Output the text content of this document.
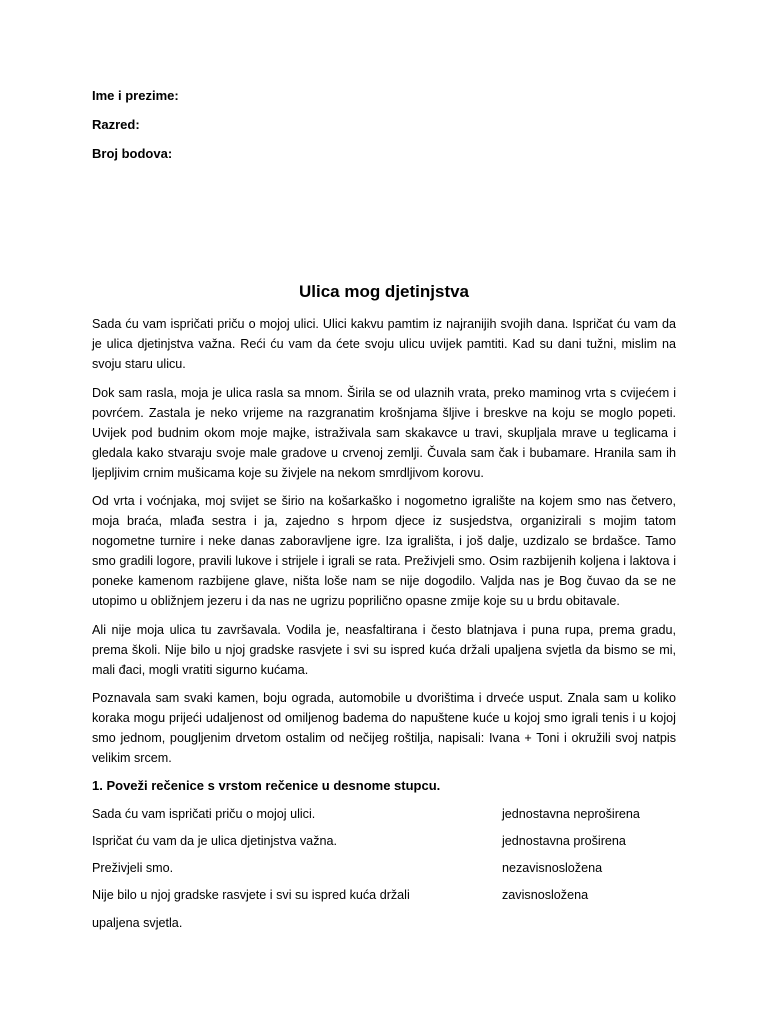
Ime i prezime:

Razred:

Broj bodova:

Ulica mog djetinjstva

Sada ću vam ispričati priču o mojoj ulici. Ulici kakvu pamtim iz najranijih svojih dana. Ispričat ću vam da je ulica djetinjstva važna. Reći ću vam da ćete svoju ulicu uvijek pamtiti. Kad su dani tužni, mislim na svoju staru ulicu.

Dok sam rasla, moja je ulica rasla sa mnom. Širila se od ulaznih vrata, preko maminog vrta s cvijećem i povrćem. Zastala je neko vrijeme na razgranatim krošnjama šljive i breskve na koju se moglo popeti. Uvijek pod budnim okom moje majke, istraživala sam skakavce u travi, skupljala mrave u teglicama i gledala kako stvaraju svoje male gradove u crvenoj zemlji. Čuvala sam čak i bubamare. Hranila sam ih ljepljivim crnim mušicama koje su živjele na nekom smrdljivom korovu.

Od vrta i voćnjaka, moj svijet se širio na košarkaško i nogometno igralište na kojem smo nas četvero, moja braća, mlađa sestra i ja, zajedno s hrpom djece iz susjedstva, organizirali s mojim tatom nogometne turnire i neke danas zaboravljene igre. Iza igrališta, i još dalje, uzdizalo se brdašce. Tamo smo gradili logore, pravili lukove i strijele i igrali se rata. Preživjeli smo. Osim razbijenih koljena i laktova i poneke kamenom razbijene glave, ništa loše nam se nije dogodilo. Valjda nas je Bog čuvao da se ne utopimo u obližnjem jezeru i da nas ne ugrizu poprilično opasne zmije koje su u brdu obitavale.

Ali nije moja ulica tu završavala. Vodila je, neasfaltirana i često blatnjava i puna rupa, prema gradu, prema školi. Nije bilo u njoj gradske rasvjete i svi su ispred kuća držali upaljena svjetla da bismo se mi, mali đaci, mogli vratiti sigurno kućama.

Poznavala sam svaki kamen, boju ograda, automobile u dvorištima i drveće usput. Znala sam u koliko koraka mogu prijeći udaljenost od omiljenog badema do napuštene kuće u kojoj smo igrali tenis i u kojoj smo jednom, pougljenim drvetom ostalim od nečijeg roštilja, napisali: Ivana + Toni i okružili svoj natpis velikim srcem.

1. Poveži rečenice s vrstom rečenice u desnome stupcu.

Sada ću vam ispričati priču o mojoj ulici.

Ispričat ću vam da je ulica djetinjstva važna.

Preživjeli smo.

Nije bilo u njoj gradske rasvjete i svi su ispred kuća držali

upaljena svjetla.

jednostavna neproširena

jednostavna proširena

nezavisnosložena

zavisnosložena
